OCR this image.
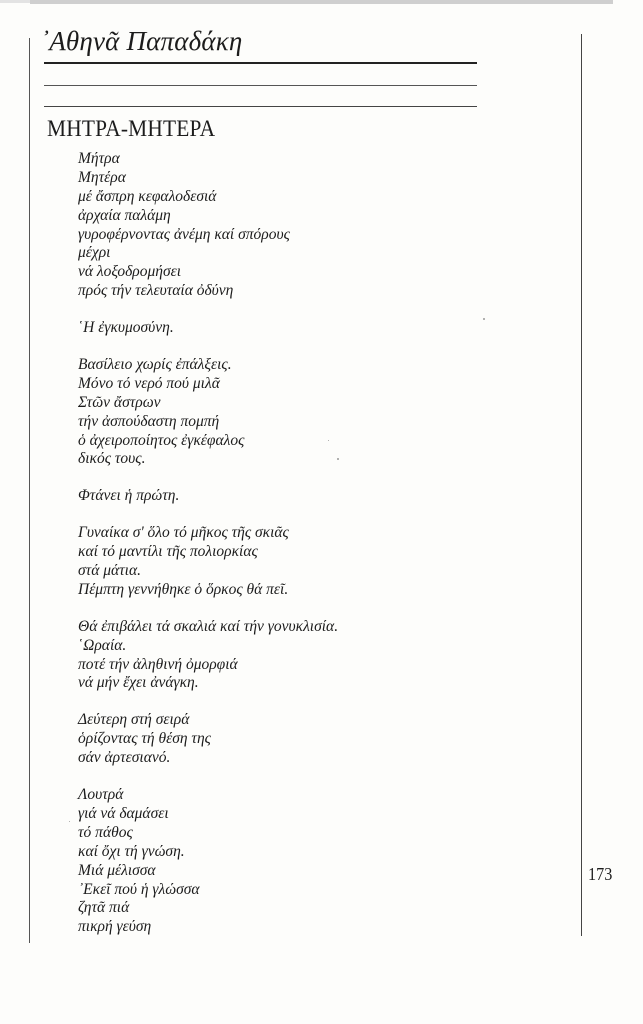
᾽Αθηνᾶ Παπαδάκη
ΜΗΤΡΑ-ΜΗΤΕΡΑ
Μήτρα
Μητέρα
μέ ἄσπρη κεφαλοδεσιά
ἀρχαία παλάμη
γυροφέρνοντας ἀνέμη καί σπόρους
μέχρι
νά λοξοδρομήσει
πρός τήν τελευταία ὀδύνη
῾Η ἐγκυμοσύνη.
Βασίλειο χωρίς ἐπάλξεις.
Μόνο τό νερό πού μιλᾶ
Στῶν ἄστρων
τήν ἀσπούδαστη πομπή
ὁ ἀχειροποίητος ἐγκέφαλος
δικός τους.
Φτάνει ἡ πρώτη.
Γυναίκα σ' ὅλο τό μῆκος τῆς σκιᾶς
καί τό μαντίλι τῆς πολιορκίας
στά μάτια.
Πέμπτη γεννήθηκε ὁ ὅρκος θά πεῖ.
Θά ἐπιβάλει τά σκαλιά καί τήν γονυκλισία.
῾Ωραία.
ποτέ τήν ἀληθινή ὀμορφιά
νά μήν ἔχει ἀνάγκη.
Δεύτερη στή σειρά
ὁρίζοντας τή θέση της
σάν ἀρτεσιανό.
Λουτρά
γιά νά δαμάσει
τό πάθος
καί ὄχι τή γνώση.
Μιά μέλισσα
᾽Εκεῖ πού ἡ γλώσσα
ζητᾶ πιά
πικρή γεύση
173
